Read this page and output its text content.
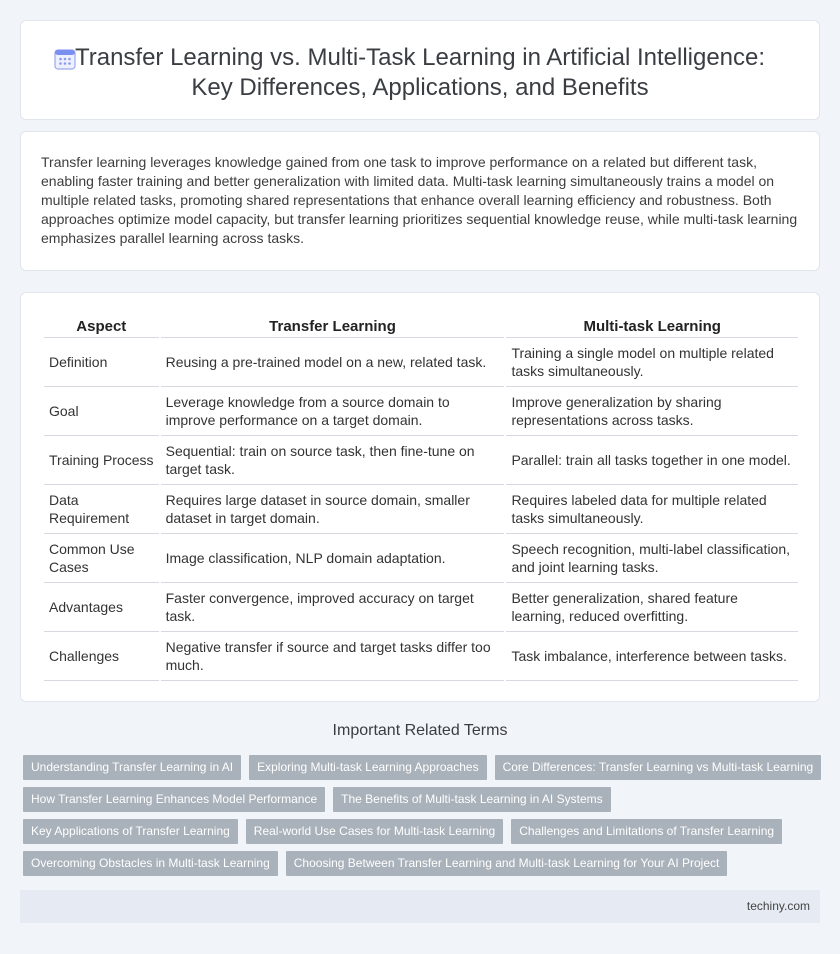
Transfer Learning vs. Multi-Task Learning in Artificial Intelligence:
Key Differences, Applications, and Benefits

Transfer learning leverages knowledge gained from one task to improve performance on a related but different task, enabling faster training and better generalization with limited data. Multi-task learning simultaneously trains a model on multiple related tasks, promoting shared representations that enhance overall learning efficiency and robustness. Both approaches optimize model capacity, but transfer learning prioritizes sequential knowledge reuse, while multi-task learning emphasizes parallel learning across tasks.

Aspect	Transfer Learning	Multi-task Learning
Definition	Reusing a pre-trained model on a new, related task.	Training a single model on multiple related tasks simultaneously.
Goal	Leverage knowledge from a source domain to improve performance on a target domain.	Improve generalization by sharing representations across tasks.
Training Process	Sequential: train on source task, then fine-tune on target task.	Parallel: train all tasks together in one model.
Data Requirement	Requires large dataset in source domain, smaller dataset in target domain.	Requires labeled data for multiple related tasks simultaneously.
Common Use Cases	Image classification, NLP domain adaptation.	Speech recognition, multi-label classification, and joint learning tasks.
Advantages	Faster convergence, improved accuracy on target task.	Better generalization, shared feature learning, reduced overfitting.
Challenges	Negative transfer if source and target tasks differ too much.	Task imbalance, interference between tasks.
Important Related Terms
Understanding Transfer Learning in AI	Exploring Multi-task Learning Approaches	Core Differences: Transfer Learning vs Multi-task Learning
How Transfer Learning Enhances Model Performance	The Benefits of Multi-task Learning in AI Systems
Key Applications of Transfer Learning	Real-world Use Cases for Multi-task Learning	Challenges and Limitations of Transfer Learning
Overcoming Obstacles in Multi-task Learning	Choosing Between Transfer Learning and Multi-task Learning for Your AI Project
techiny.com
